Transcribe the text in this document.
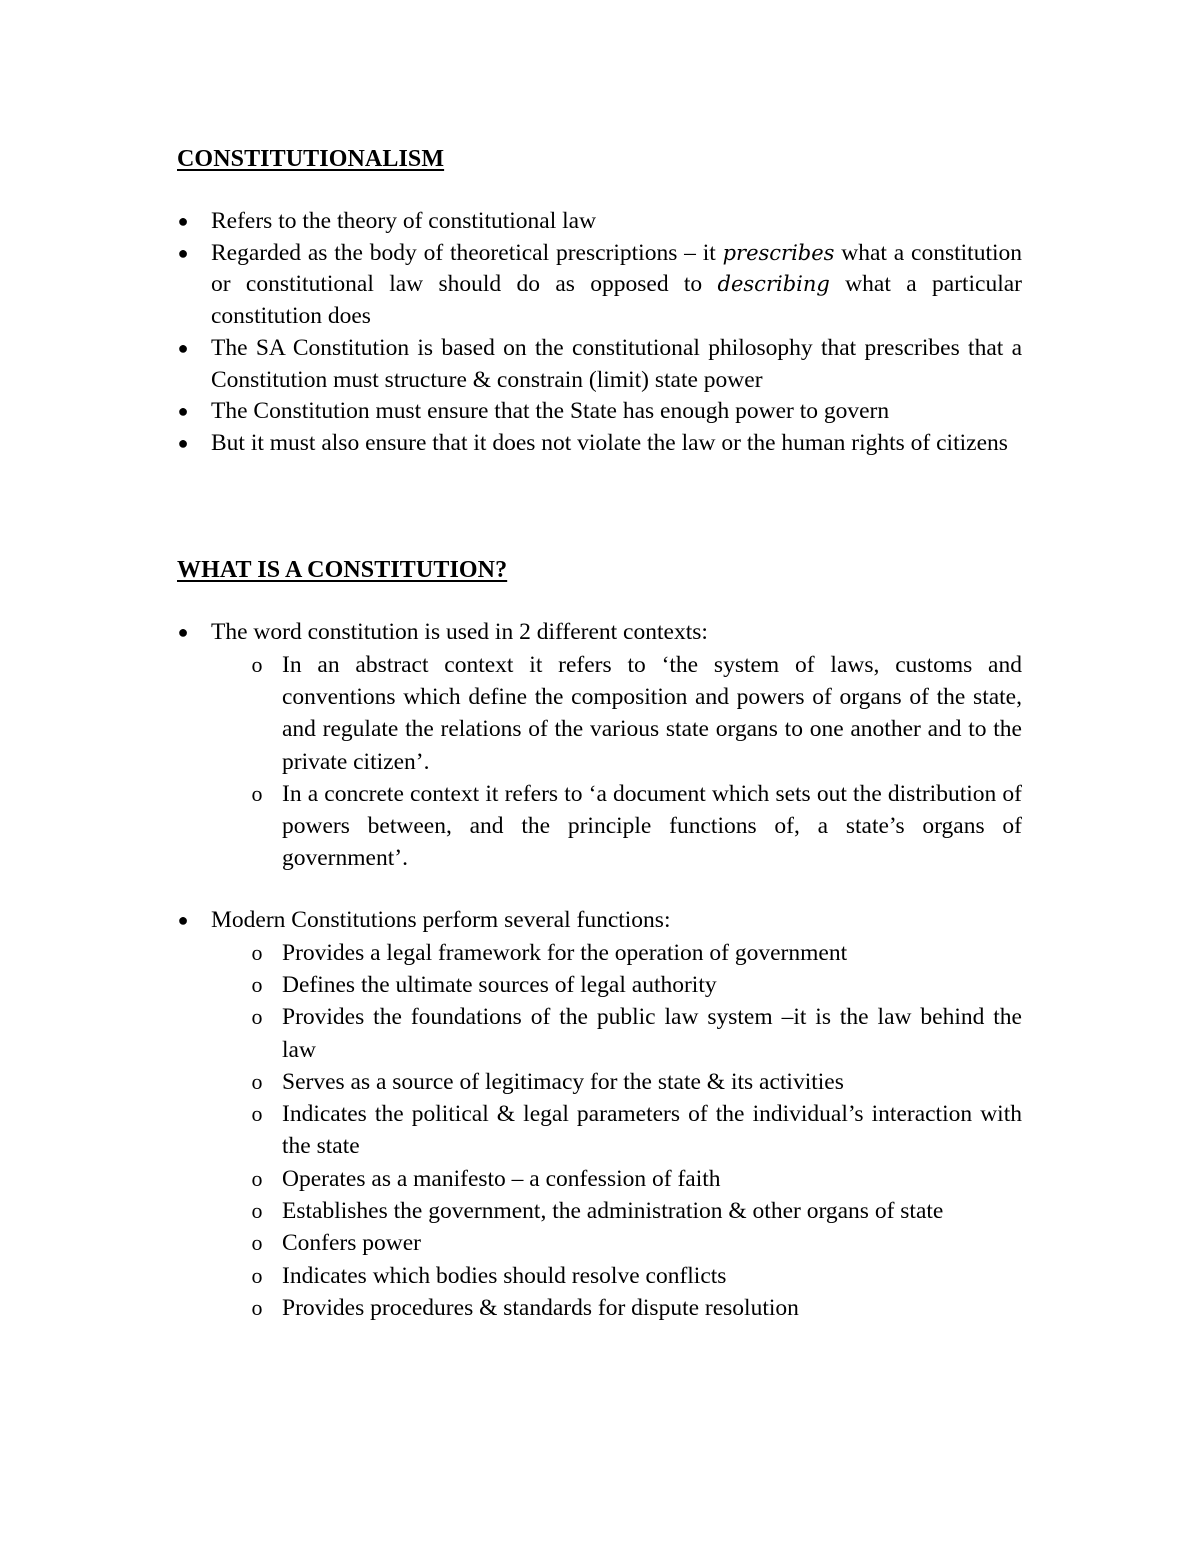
CONSTITUTIONALISM
● Refers to the theory of constitutional law
● Regarded as the body of theoretical prescriptions – it prescribes what a constitution or constitutional law should do as opposed to describing what a particular constitution does
● The SA Constitution is based on the constitutional philosophy that prescribes that a Constitution must structure & constrain (limit) state power
● The Constitution must ensure that the State has enough power to govern
● But it must also ensure that it does not violate the law or the human rights of citizens
WHAT IS A CONSTITUTION?
● The word constitution is used in 2 different contexts:
o In an abstract context it refers to ‘the system of laws, customs and conventions which define the composition and powers of organs of the state, and regulate the relations of the various state organs to one another and to the private citizen’.
o In a concrete context it refers to ‘a document which sets out the distribution of powers between, and the principle functions of, a state’s organs of government’.
● Modern Constitutions perform several functions:
o Provides a legal framework for the operation of government
o Defines the ultimate sources of legal authority
o Provides the foundations of the public law system –it is the law behind the law
o Serves as a source of legitimacy for the state & its activities
o Indicates the political & legal parameters of the individual’s interaction with the state
o Operates as a manifesto – a confession of faith
o Establishes the government, the administration & other organs of state
o Confers power
o Indicates which bodies should resolve conflicts
o Provides procedures & standards for dispute resolution
